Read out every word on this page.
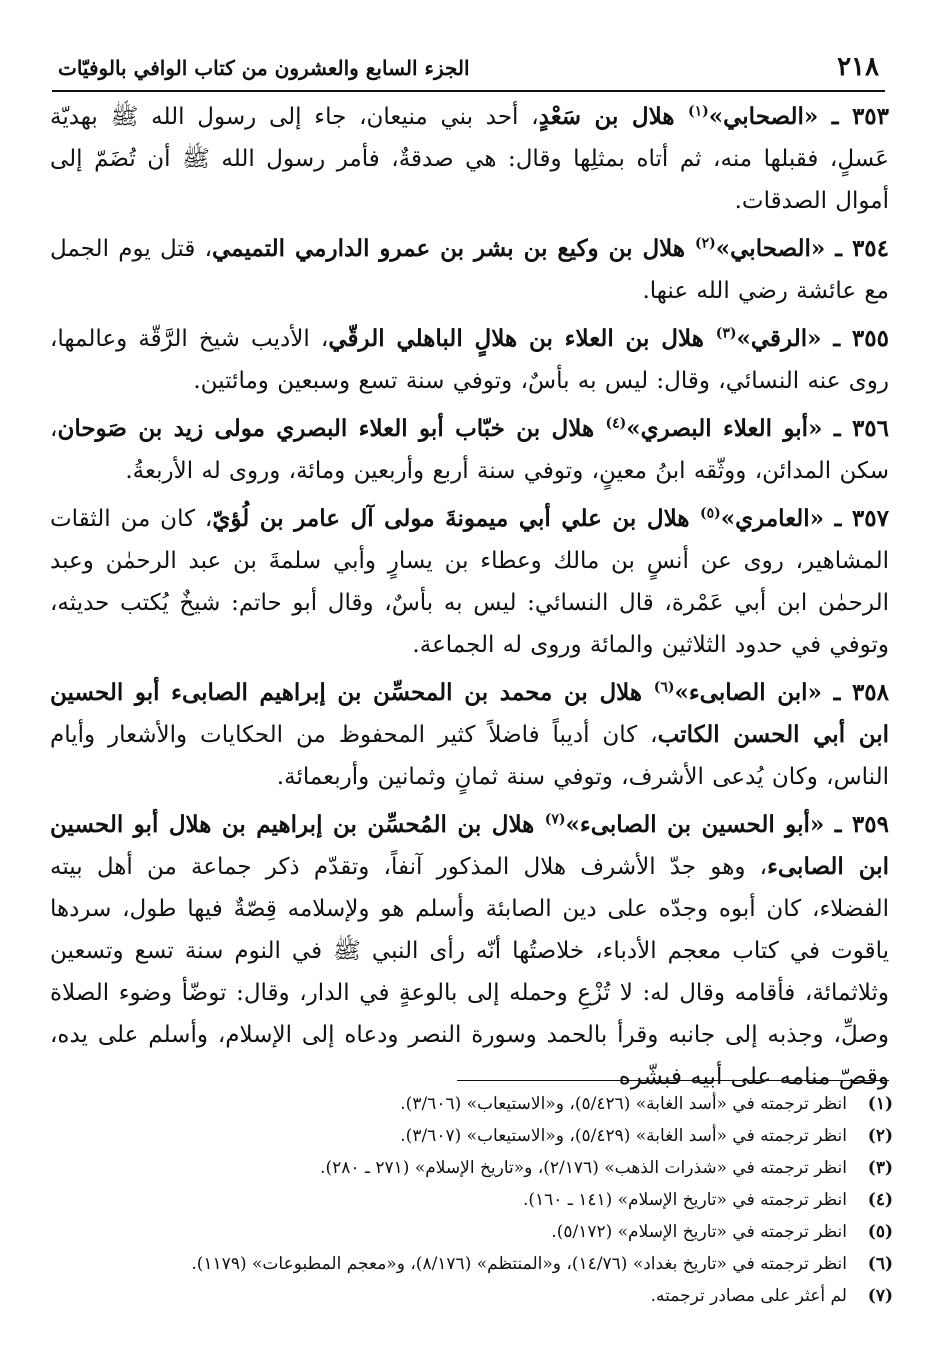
٢١٨
الجزء السابع والعشرون من كتاب الوافي بالوفيّات

٣٥٣ ـ «الصحابي»$^{(١)}$ هلال بن سَعْدٍ، أحد بني منيعان، جاء إلى رسول الله ﷺ بهديّة عَسلٍ، فقبلها منه، ثم أتاه بمثلِها وقال: هي صدقةٌ، فأمر رسول الله ﷺ أن تُضَمّ إلى أموال الصدقات.

٣٥٤ ـ «الصحابي»$^{(٢)}$ هلال بن وكيع بن بشر بن عمرو الدارمي التميمي، قتل يوم الجمل مع عائشة رضي الله عنها.

٣٥٥ ـ «الرقي»$^{(٣)}$ هلال بن العلاء بن هلالٍ الباهلي الرقّي، الأديب شيخ الرَّقّة وعالمها، روى عنه النسائي، وقال: ليس به بأسٌ، وتوفي سنة تسع وسبعين ومائتين.

٣٥٦ ـ «أبو العلاء البصري»$^{(٤)}$ هلال بن خبّاب أبو العلاء البصري مولى زيد بن صَوحان، سكن المدائن، ووثّقه ابنُ معينٍ، وتوفي سنة أربع وأربعين ومائة، وروى له الأربعةُ.

٣٥٧ ـ «العامري»$^{(٥)}$ هلال بن علي أبي ميمونةَ مولى آل عامر بن لُؤيّ، كان من الثقات المشاهير، روى عن أنسٍ بن مالك وعطاء بن يسارٍ وأبي سلمةَ بن عبد الرحمٰن وعبد الرحمٰن ابن أبي عَمْرة، قال النسائي: ليس به بأسٌ، وقال أبو حاتم: شيخٌ يُكتب حديثه، وتوفي في حدود الثلاثين والمائة وروى له الجماعة.

٣٥٨ ـ «ابن الصابىء»$^{(٦)}$ هلال بن محمد بن المحسِّن بن إبراهيم الصابىء أبو الحسين ابن أبي الحسن الكاتب، كان أديباً فاضلاً كثير المحفوظ من الحكايات والأشعار وأيام الناس، وكان يُدعى الأشرف، وتوفي سنة ثمانٍ وثمانين وأربعمائة.

٣٥٩ ـ «أبو الحسين بن الصابىء»$^{(٧)}$ هلال بن المُحسِّن بن إبراهيم بن هلال أبو الحسين ابن الصابىء، وهو جدّ الأشرف هلال المذكور آنفاً، وتقدّم ذكر جماعة من أهل بيته الفضلاء، كان أبوه وجدّه على دين الصابئة وأسلم هو ولإسلامه قِصّةٌ فيها طول، سردها ياقوت في كتاب معجم الأدباء، خلاصتُها أنّه رأى النبي ﷺ في النوم سنة تسع وتسعين وثلاثمائة، فأقامه وقال له: لا تُزْعِ وحمله إلى بالوعةٍ في الدار، وقال: توضّأ وضوء الصلاة وصلِّ، وجذبه إلى جانبه وقرأ بالحمد وسورة النصر ودعاه إلى الإسلام، وأسلم على يده، وقصّ منامه على أبيه فبشّره

(١)
انظر ترجمته في «أسد الغابة» (٥/٤٢٦)، و«الاستيعاب» (٣/٦٠٦).
(٢)
انظر ترجمته في «أسد الغابة» (٥/٤٢٩)، و«الاستيعاب» (٣/٦٠٧).
(٣)
انظر ترجمته في «شذرات الذهب» (٢/١٧٦)، و«تاريخ الإسلام» (٢٧١ ـ ٢٨٠).
(٤)
انظر ترجمته في «تاريخ الإسلام» (١٤١ ـ ١٦٠).
(٥)
انظر ترجمته في «تاريخ الإسلام» (٥/١٧٢).
(٦)
انظر ترجمته في «تاريخ بغداد» (١٤/٧٦)، و«المنتظم» (٨/١٧٦)، و«معجم المطبوعات» (١١٧٩).
(٧)
لم أعثر على مصادر ترجمته.
